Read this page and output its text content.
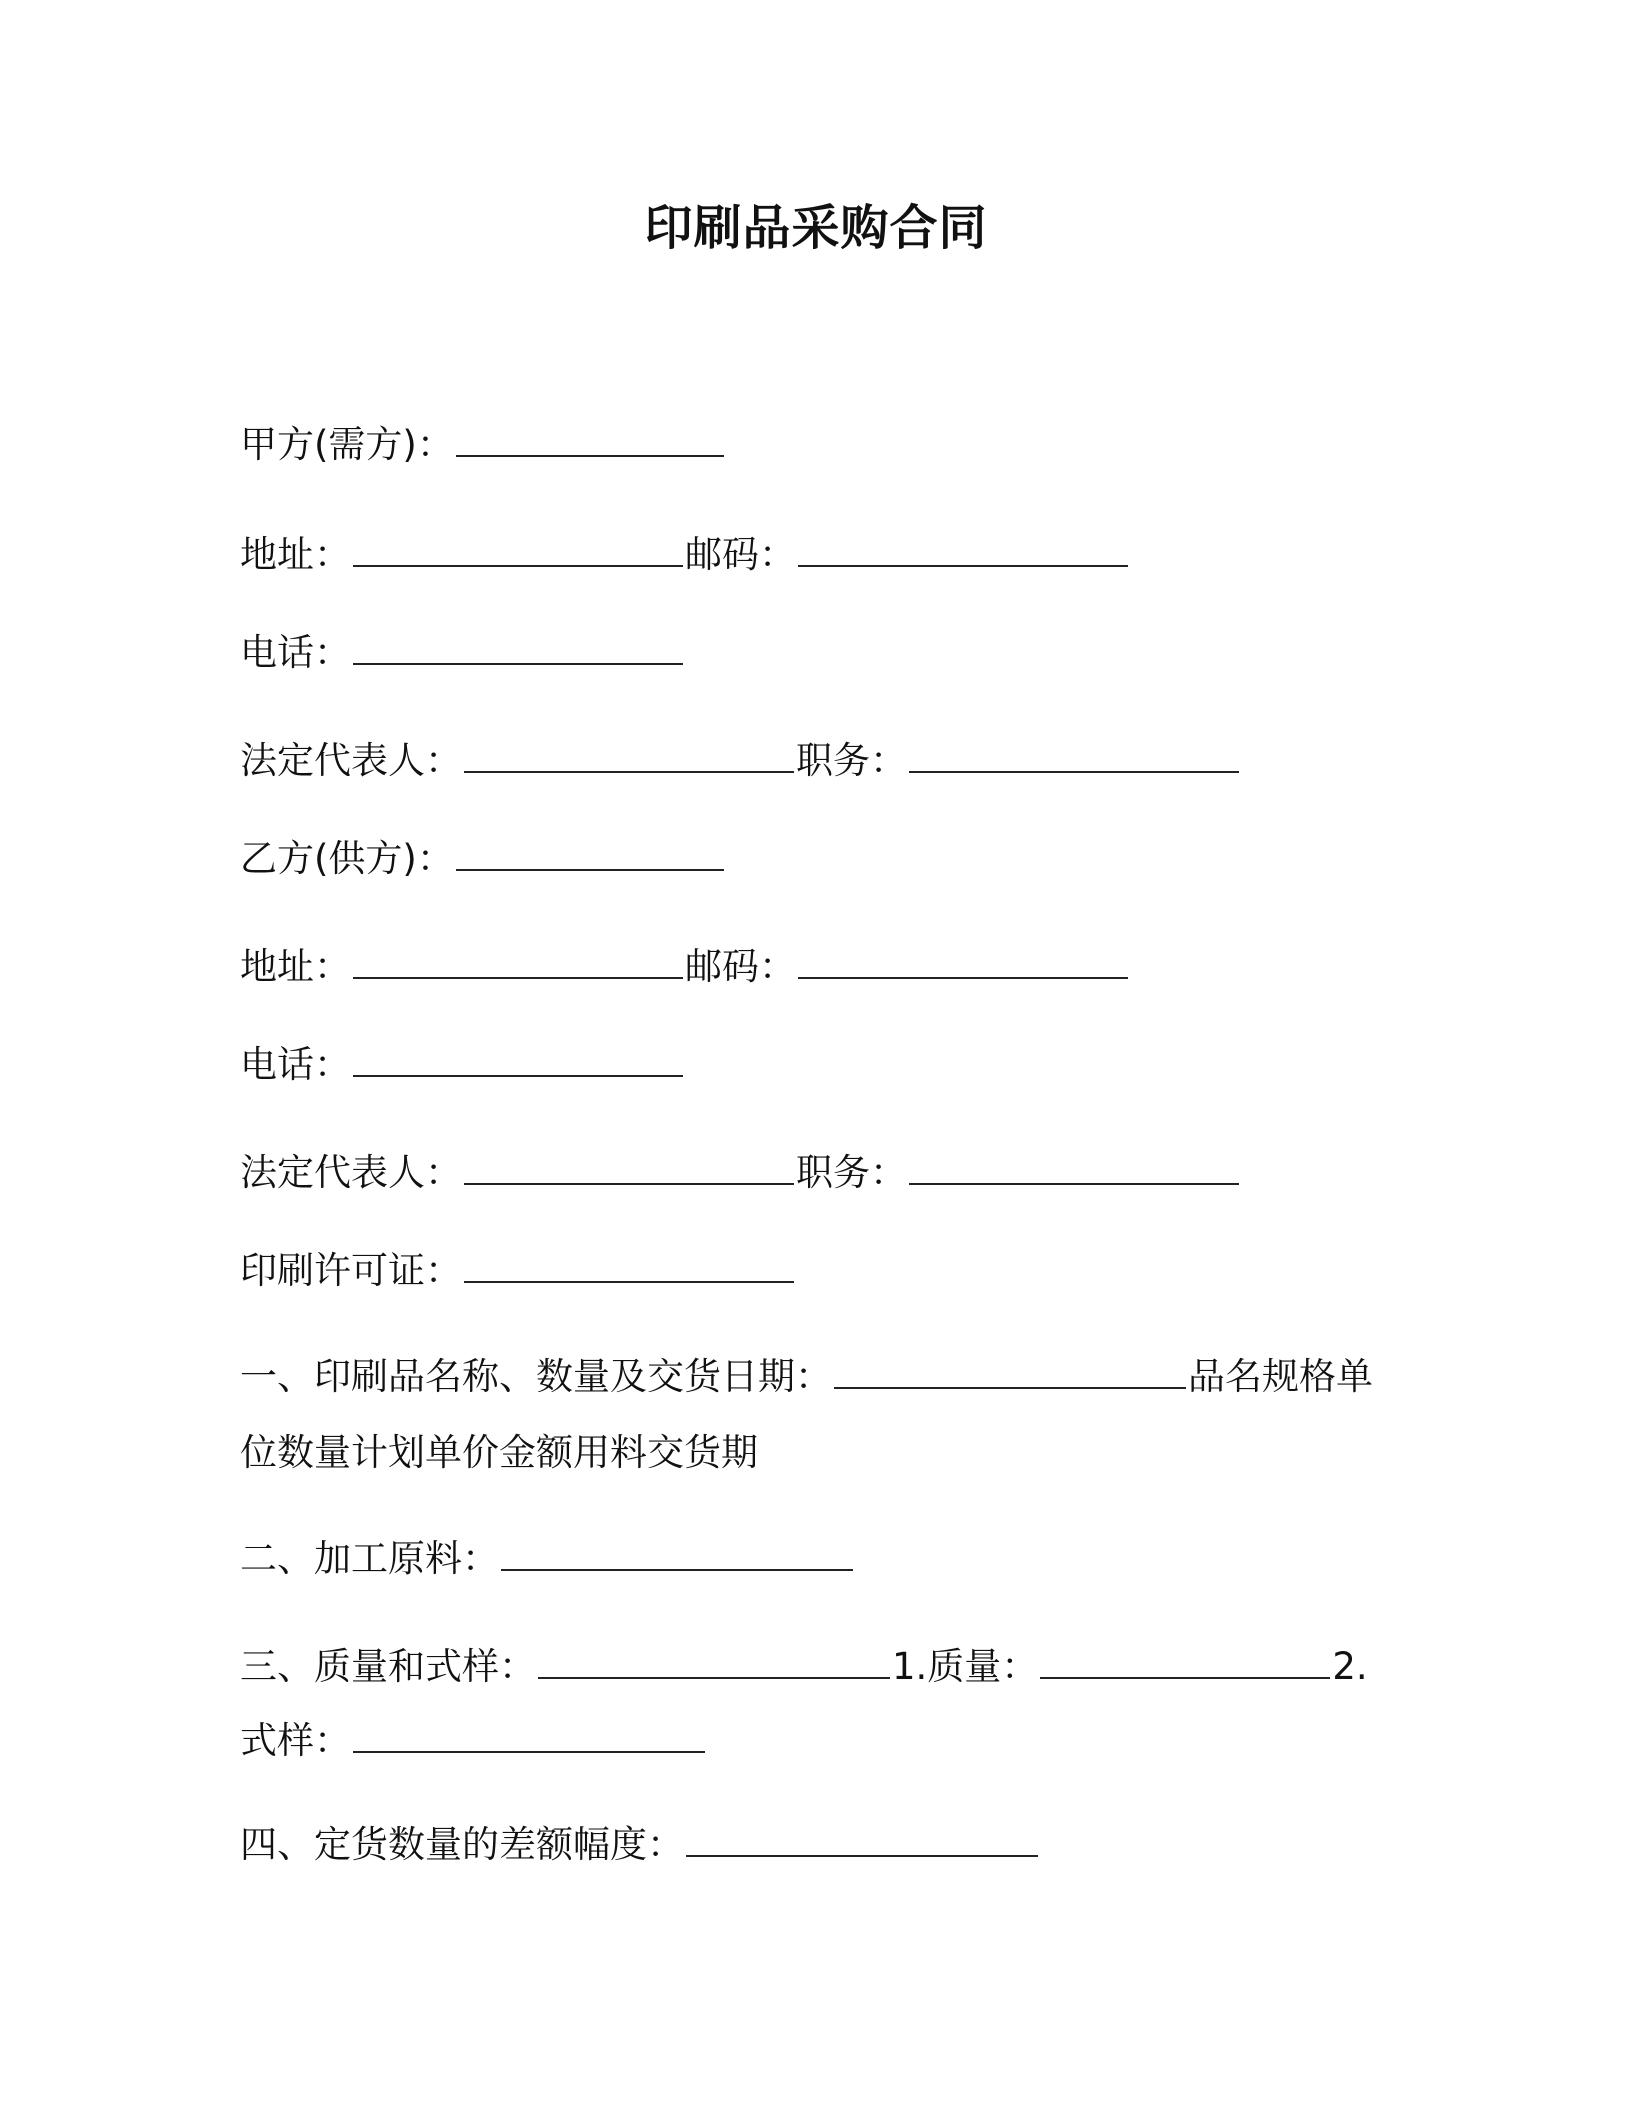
印刷品采购合同
甲方(需方)：
地址：	邮码：
电话：
法定代表人：	职务：
乙方(供方)：
地址：	邮码：
电话：
法定代表人：	职务：
印刷许可证：
一、印刷品名称、数量及交货日期：	品名规格单
位数量计划单价金额用料交货期
二、加工原料：
三、质量和式样：	1.质量：	2.
式样：
四、定货数量的差额幅度：
